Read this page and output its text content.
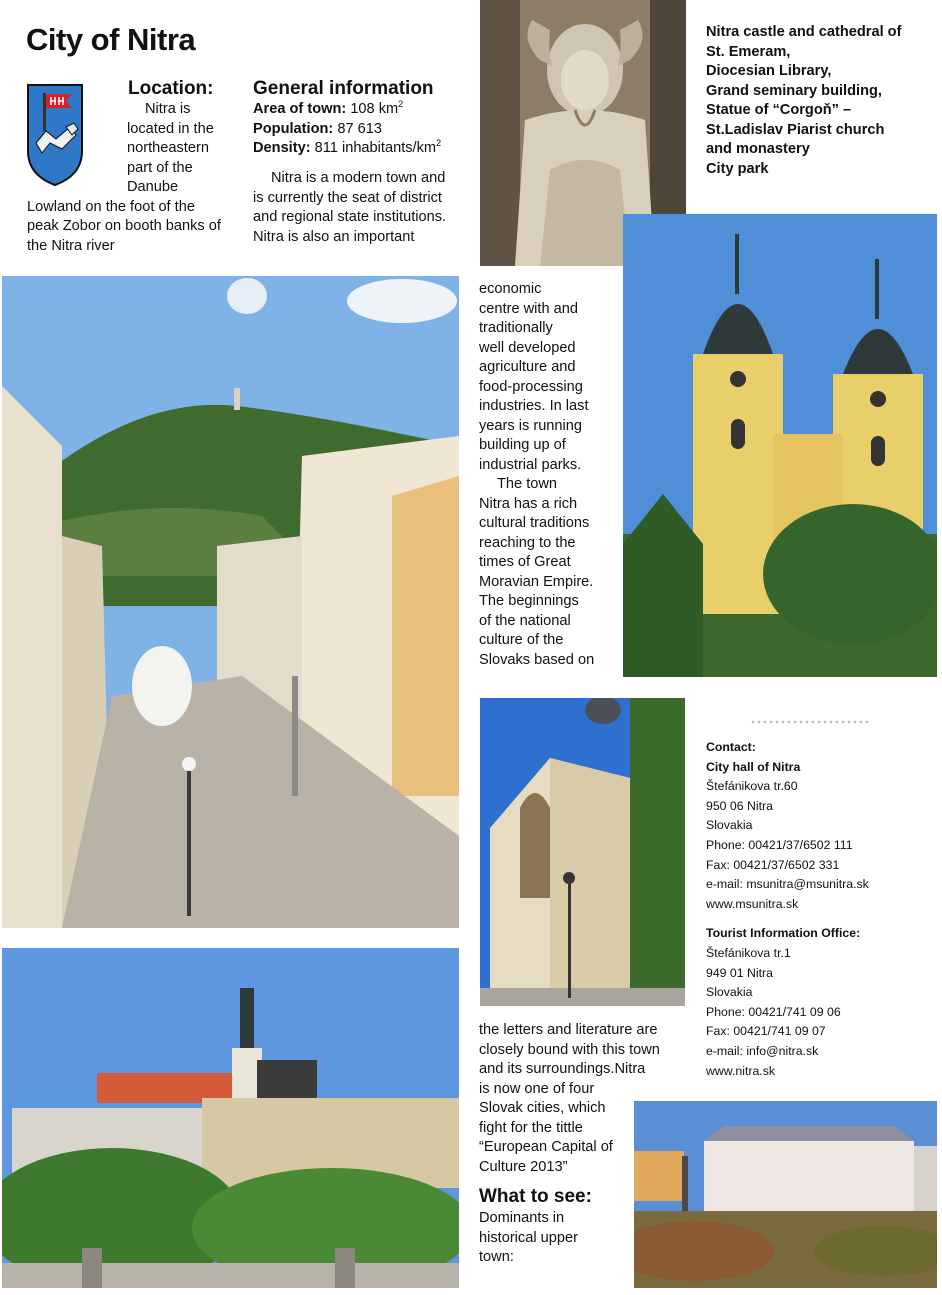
City of Nitra
Location:
Nitra is
located in the
northeastern
part of the
Danube
Lowland on the foot of the
peak Zobor on booth banks of
the Nitra river
General information
Area of town: 108 $km^2$
Population: 87 613
Density: 811 inhabitants/$km^2$
Nitra is a modern town and
is currently the seat of district
and regional state institutions.
Nitra is also an important
Nitra castle and cathedral of
St. Emeram,
Diocesian Library,
Grand seminary building,
Statue of “Corgoň” –
St.Ladislav Piarist church
and monastery
City park
economic
centre with and
traditionally
well developed
agriculture and
food-processing
industries. In last
years is running
building up of
industrial parks.
The town
Nitra has a rich
cultural traditions
reaching to the
times of Great
Moravian Empire.
The beginnings
of the national
culture of the
Slovaks based on
Contact:
City hall of Nitra
Štefánikova tr.60
950 06 Nitra
Slovakia
Phone: 00421/37/6502 111
Fax: 00421/37/6502 331
e-mail: msunitra@msunitra.sk
www.msunitra.sk
Tourist Information Office:
Štefánikova tr.1
949 01 Nitra
Slovakia
Phone: 00421/741 09 06
Fax: 00421/741 09 07
e-mail: info@nitra.sk
www.nitra.sk
the letters and literature are
closely bound with this town
and its surroundings.Nitra
is now one of four
Slovak cities, which
fight for the tittle
“European Capital of
Culture 2013”
What to see:
Dominants in
historical upper
town:
